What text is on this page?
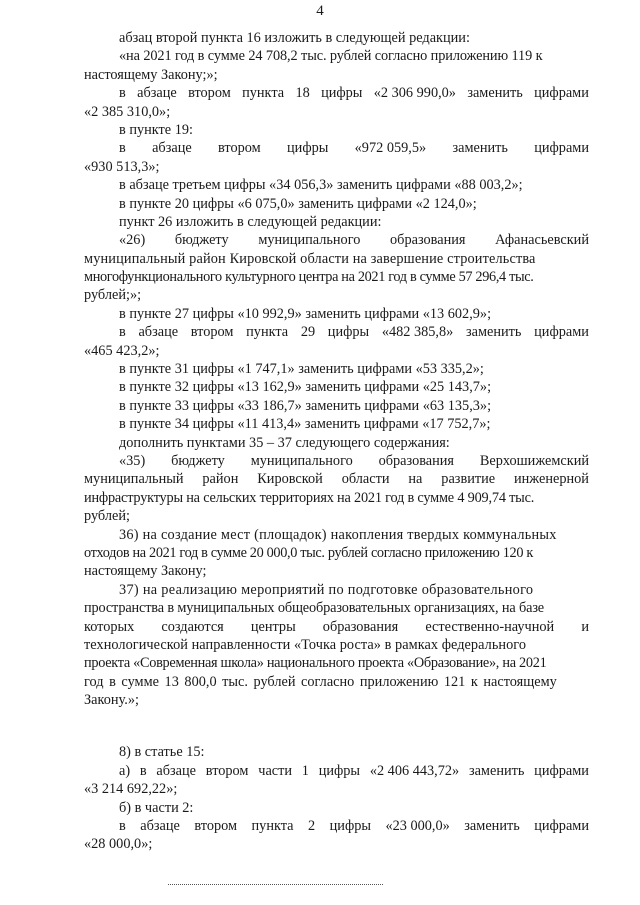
4
абзац второй пункта 16 изложить в следующей редакции:
«на 2021 год в сумме 24 708,2 тыс. рублей согласно приложению 119 к
настоящему Закону;»;
в абзаце втором пункта 18 цифры «2 306 990,0» заменить цифрами
«2 385 310,0»;
в пункте 19:
в абзаце втором цифры «972 059,5» заменить цифрами
«930 513,3»;
в абзаце третьем цифры «34 056,3» заменить цифрами «88 003,2»;
в пункте 20 цифры «6 075,0» заменить цифрами «2 124,0»;
пункт 26 изложить в следующей редакции:
«26) бюджету муниципального образования Афанасьевский
муниципальный район Кировской области на завершение строительства
многофункционального культурного центра на 2021 год в сумме 57 296,4 тыс.
рублей;»;
в пункте 27 цифры «10 992,9» заменить цифрами «13 602,9»;
в абзаце втором пункта 29 цифры «482 385,8» заменить цифрами
«465 423,2»;
в пункте 31 цифры «1 747,1» заменить цифрами «53 335,2»;
в пункте 32 цифры «13 162,9» заменить цифрами «25 143,7»;
в пункте 33 цифры «33 186,7» заменить цифрами «63 135,3»;
в пункте 34 цифры «11 413,4» заменить цифрами «17 752,7»;
дополнить пунктами 35 – 37 следующего содержания:
«35) бюджету муниципального образования Верхошижемский
муниципальный район Кировской области на развитие инженерной
инфраструктуры на сельских территориях на 2021 год в сумме 4 909,74 тыс.
рублей;
36) на создание мест (площадок) накопления твердых коммунальных
отходов на 2021 год в сумме 20 000,0 тыс. рублей согласно приложению 120 к
настоящему Закону;
37) на реализацию мероприятий по подготовке образовательного
пространства в муниципальных общеобразовательных организациях, на базе
которых создаются центры образования естественно-научной и
технологической направленности «Точка роста» в рамках федерального
проекта «Современная школа» национального проекта «Образование», на 2021
год в сумме 13 800,0 тыс. рублей согласно приложению 121 к настоящему
Закону.»;
8) в статье 15:
а) в абзаце втором части 1 цифры «2 406 443,72» заменить цифрами
«3 214 692,22»;
б) в части 2:
в абзаце втором пункта 2 цифры «23 000,0» заменить цифрами
«28 000,0»;
